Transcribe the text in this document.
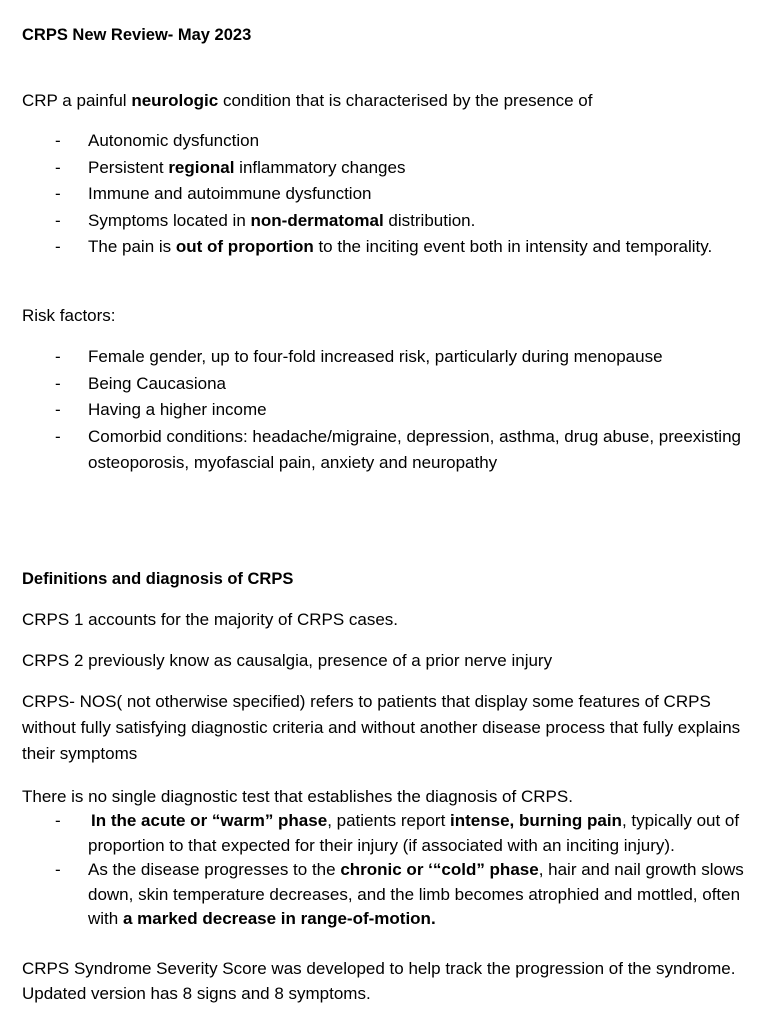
CRPS New Review- May 2023
CRP a painful neurologic condition that is characterised by the presence of
- Autonomic dysfunction
- Persistent regional inflammatory changes
- Immune and autoimmune dysfunction
- Symptoms located in non-dermatomal distribution.
- The pain is out of proportion to the inciting event both in intensity and temporality.
Risk factors:
- Female gender, up to four-fold increased risk, particularly during menopause
- Being Caucasiona
- Having a higher income
- Comorbid conditions: headache/migraine, depression, asthma, drug abuse, preexisting osteoporosis, myofascial pain, anxiety and neuropathy
Definitions and diagnosis of CRPS
CRPS 1 accounts for the majority of CRPS cases.
CRPS 2 previously know as causalgia, presence of a prior nerve injury
CRPS- NOS( not otherwise specified) refers to patients that display some features of CRPS without fully satisfying diagnostic criteria and without another disease process that fully explains their symptoms
There is no single diagnostic test that establishes the diagnosis of CRPS.
- In the acute or “warm” phase, patients report intense, burning pain, typically out of proportion to that expected for their injury (if associated with an inciting injury).
- As the disease progresses to the chronic or ‘“cold” phase, hair and nail growth slows down, skin temperature decreases, and the limb becomes atrophied and mottled, often with a marked decrease in range-of-motion.
CRPS Syndrome Severity Score was developed to help track the progression of the syndrome. Updated version has 8 signs and 8 symptoms.
